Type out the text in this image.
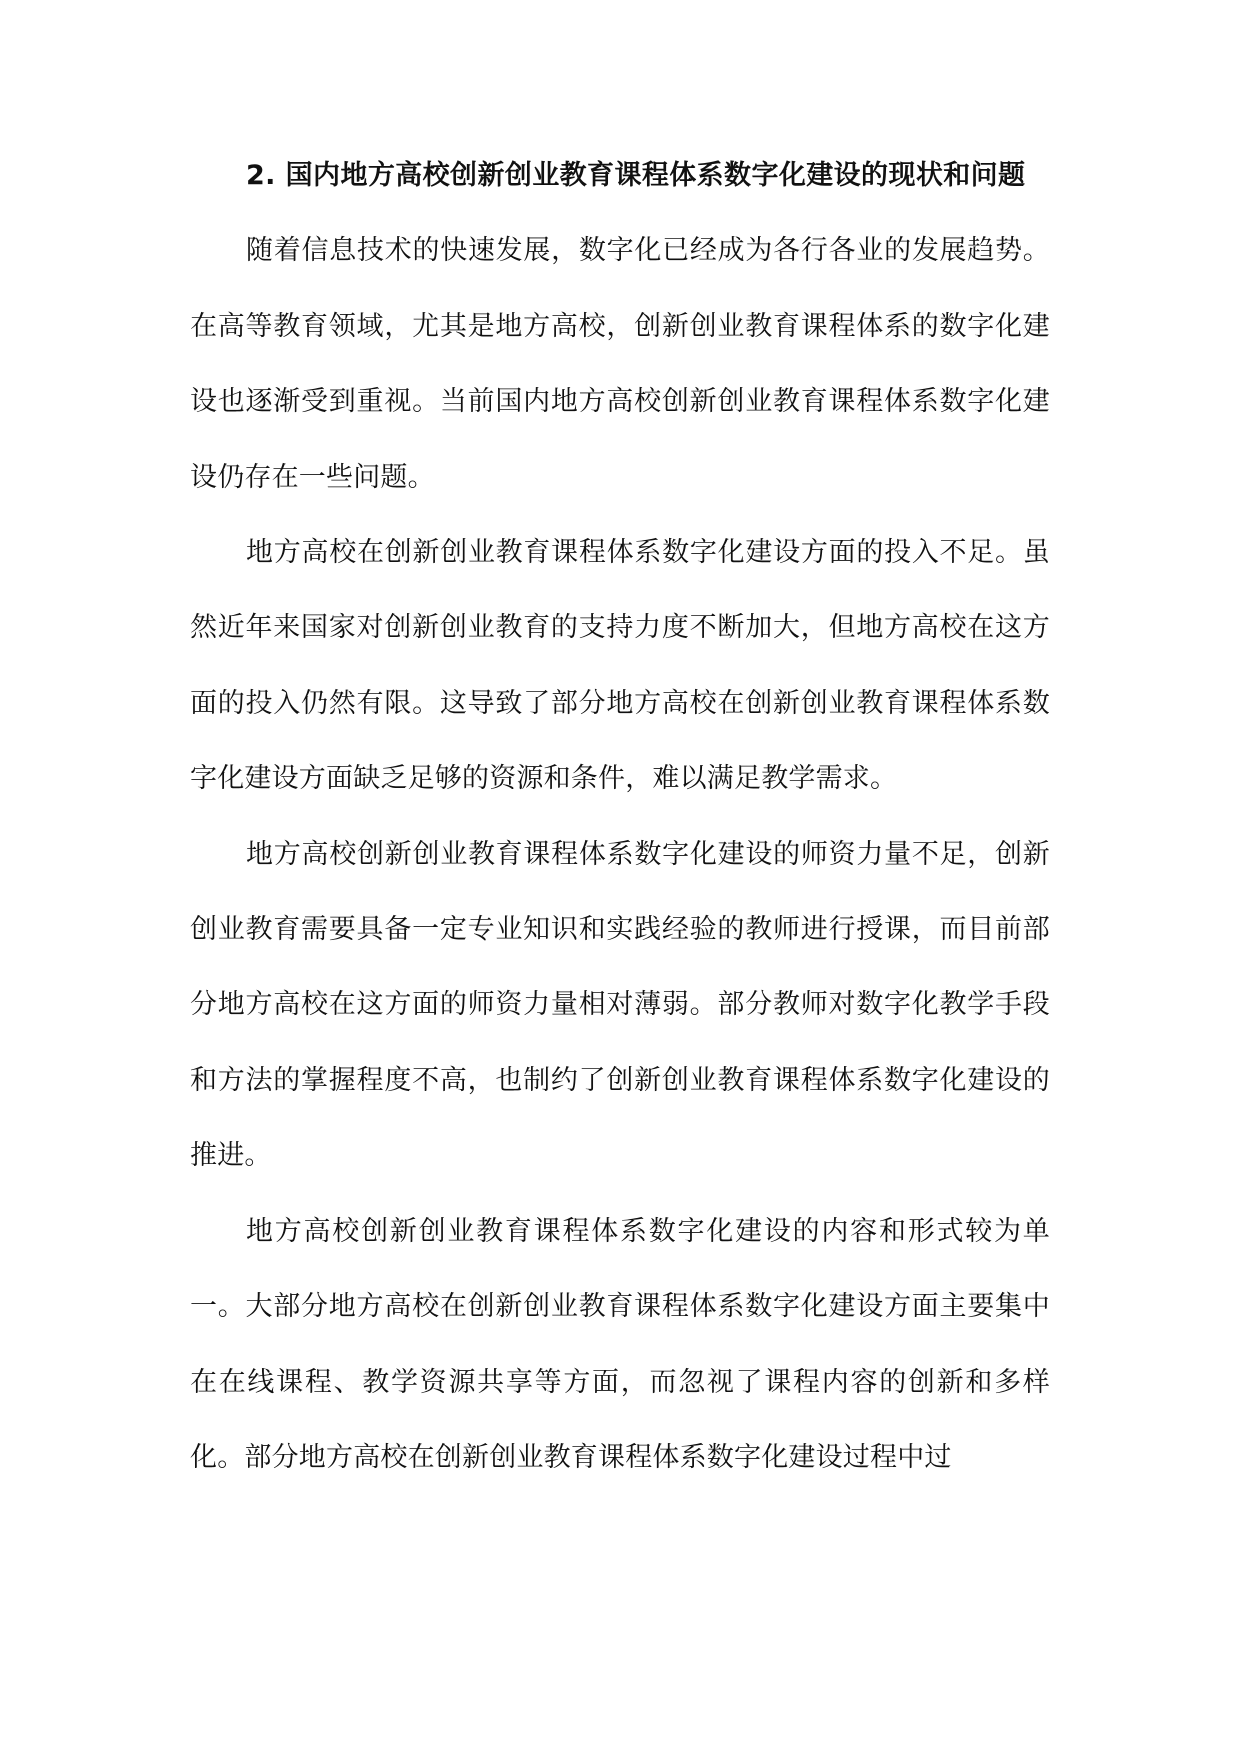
2. 国内地方高校创新创业教育课程体系数字化建设的现状和问题

随着信息技术的快速发展，数字化已经成为各行各业的发展趋势。在高等教育领域，尤其是地方高校，创新创业教育课程体系的数字化建设也逐渐受到重视。当前国内地方高校创新创业教育课程体系数字化建设仍存在一些问题。

地方高校在创新创业教育课程体系数字化建设方面的投入不足。虽然近年来国家对创新创业教育的支持力度不断加大，但地方高校在这方面的投入仍然有限。这导致了部分地方高校在创新创业教育课程体系数字化建设方面缺乏足够的资源和条件，难以满足教学需求。

地方高校创新创业教育课程体系数字化建设的师资力量不足，创新创业教育需要具备一定专业知识和实践经验的教师进行授课，而目前部分地方高校在这方面的师资力量相对薄弱。部分教师对数字化教学手段和方法的掌握程度不高，也制约了创新创业教育课程体系数字化建设的推进。

地方高校创新创业教育课程体系数字化建设的内容和形式较为单一。大部分地方高校在创新创业教育课程体系数字化建设方面主要集中在在线课程、教学资源共享等方面，而忽视了课程内容的创新和多样化。部分地方高校在创新创业教育课程体系数字化建设过程中过
